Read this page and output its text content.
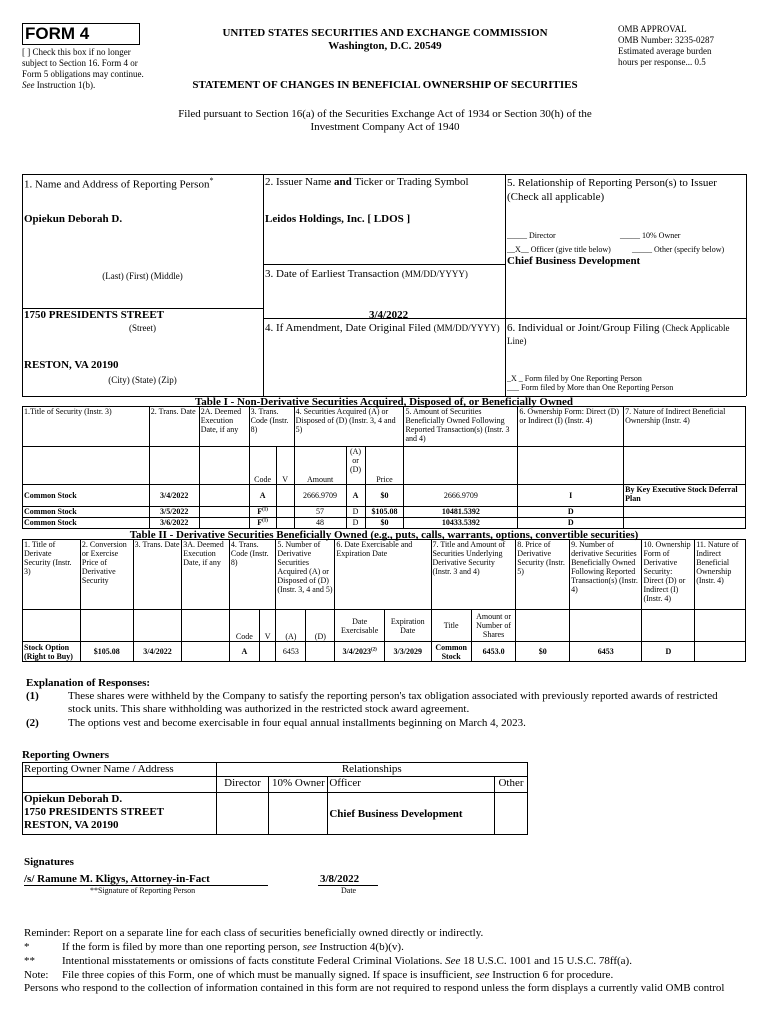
FORM 4
[ ] Check this box if no longer subject to Section 16. Form 4 or Form 5 obligations may continue. See Instruction 1(b).
UNITED STATES SECURITIES AND EXCHANGE COMMISSION
Washington, D.C. 20549
OMB APPROVAL
OMB Number: 3235-0287
Estimated average burden
hours per response... 0.5
STATEMENT OF CHANGES IN BENEFICIAL OWNERSHIP OF SECURITIES
Filed pursuant to Section 16(a) of the Securities Exchange Act of 1934 or Section 30(h) of the
Investment Company Act of 1940
1. Name and Address of Reporting Person*
Opiekun Deborah D.
(Last) (First) (Middle)
1750 PRESIDENTS STREET
(Street)
RESTON, VA 20190
(City) (State) (Zip)
2. Issuer Name and Ticker or Trading Symbol
Leidos Holdings, Inc. [ LDOS ]
3. Date of Earliest Transaction (MM/DD/YYYY)
3/4/2022
4. If Amendment, Date Original Filed (MM/DD/YYYY)
5. Relationship of Reporting Person(s) to Issuer
(Check all applicable)
_____ Director	_____ 10% Owner
__X__ Officer (give title below)	_____ Other (specify below)
Chief Business Development
6. Individual or Joint/Group Filing (Check Applicable Line)
_X _ Form filed by One Reporting Person
___ Form filed by More than One Reporting Person
Table I - Non-Derivative Securities Acquired, Disposed of, or Beneficially Owned
1.Title of Security (Instr. 3)	2. Trans. Date	2A. Deemed Execution Date, if any	3. Trans. Code (Instr. 8)		4. Securities Acquired (A) or Disposed of (D) (Instr. 3, 4 and 5)			5. Amount of Securities Beneficially Owned Following Reported Transaction(s) (Instr. 3 and 4)	6. Ownership Form: Direct (D) or Indirect (I) (Instr. 4)	7. Nature of Indirect Beneficial Ownership (Instr. 4)
			Code	V	Amount	(A) or (D)	Price			
Common Stock	3/4/2022		A		2666.9709	A	$0	2666.9709	I	By Key Executive Stock Deferral Plan
Common Stock	3/5/2022		$F^{(1)}$		57	D	$105.08	10481.5392	D	
Common Stock	3/6/2022		$F^{(1)}$		48	D	$0	10433.5392	D	
Table II - Derivative Securities Beneficially Owned (e.g., puts, calls, warrants, options, convertible securities)
1. Title of Derivate Security (Instr. 3)	2. Conversion or Exercise Price of Derivative Security	3. Trans. Date	3A. Deemed Execution Date, if any	4. Trans. Code (Instr. 8)		5. Number of Derivative Securities Acquired (A) or Disposed of (D) (Instr. 3, 4 and 5)		6. Date Exercisable and Expiration Date		7. Title and Amount of Securities Underlying Derivative Security (Instr. 3 and 4)		8. Price of Derivative Security (Instr. 5)	9. Number of derivative Securities Beneficially Owned Following Reported Transaction(s) (Instr. 4)	10. Ownership Form of Derivative Security: Direct (D) or Indirect (I) (Instr. 4)	11. Nature of Indirect Beneficial Ownership (Instr. 4)
				Code	V	(A)	(D)	Date Exercisable	Expiration Date	Title	Amount or Number of Shares				
Stock Option (Right to Buy)	$105.08	3/4/2022		A		6453		3/4/2023$^{(2)}$	3/3/2029	Common Stock	6453.0	$0	6453	D	
Explanation of Responses:
(1)	These shares were withheld by the Company to satisfy the reporting person's tax obligation associated with previously reported awards of restricted
stock units. This share withholding was authorized in the restricted stock award agreement.
(2)	The options vest and become exercisable in four equal annual installments beginning on March 4, 2023.
Reporting Owners
Reporting Owner Name / Address	Relationships			
	Director	10% Owner	Officer	Other

Opiekun Deborah D.
1750 PRESIDENTS STREET
RESTON, VA 20190			Chief Business Development	
Signatures
/s/ Ramune M. Kligys, Attorney-in-Fact	3/8/2022
**Signature of Reporting Person	Date
Reminder: Report on a separate line for each class of securities beneficially owned directly or indirectly.
*	If the form is filed by more than one reporting person, see Instruction 4(b)(v).
** Intentional misstatements or omissions of facts constitute Federal Criminal Violations. See 18 U.S.C. 1001 and 15 U.S.C. 78ff(a).
Note: File three copies of this Form, one of which must be manually signed. If space is insufficient, see Instruction 6 for procedure.
Persons who respond to the collection of information contained in this form are not required to respond unless the form displays a currently valid OMB control
